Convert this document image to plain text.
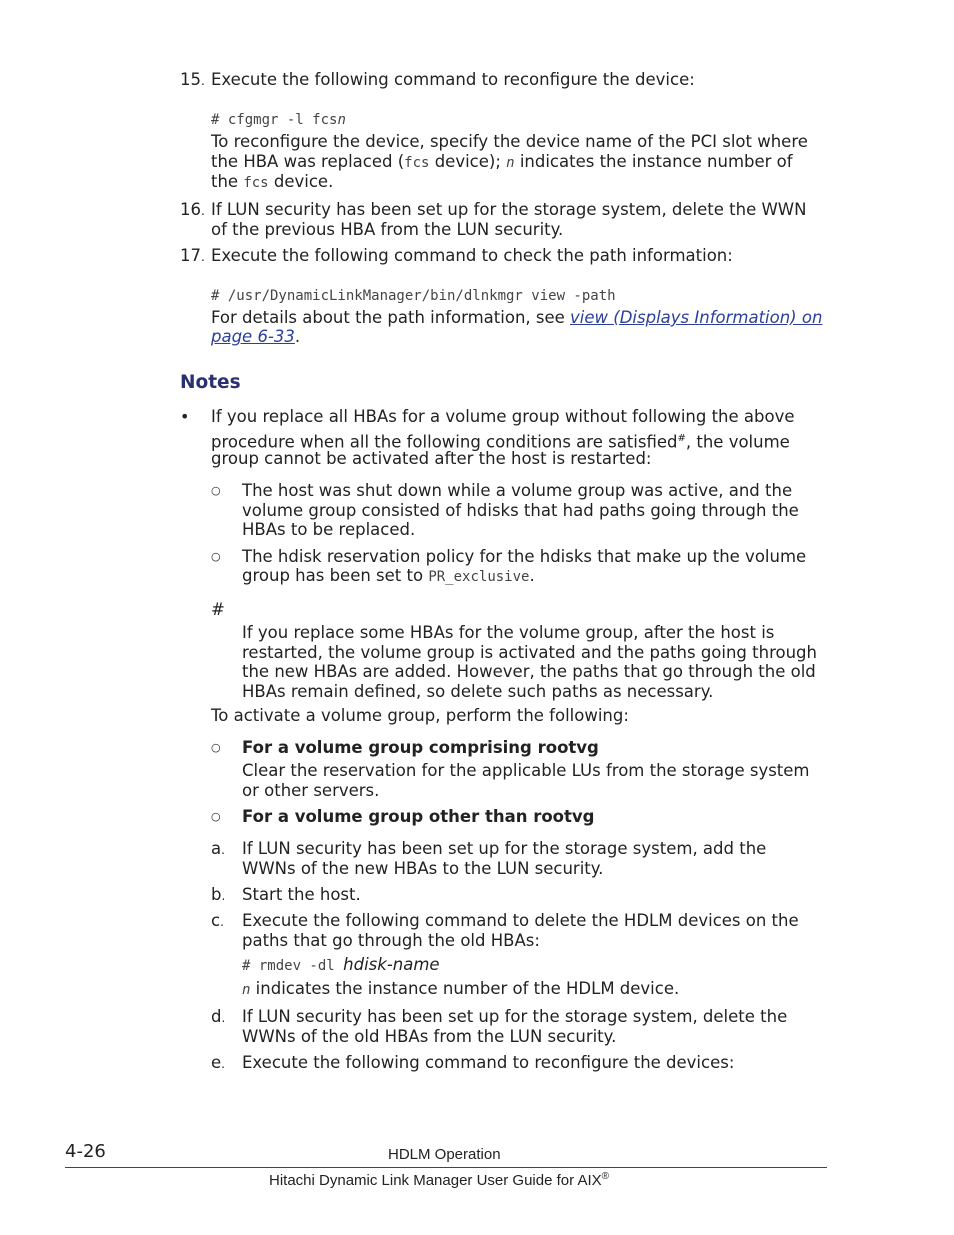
15. Execute the following command to reconfigure the device:
# cfgmgr -l fcsn
To reconfigure the device, specify the device name of the PCI slot where
the HBA was replaced (fcs device); n indicates the instance number of
the fcs device.
16. If LUN security has been set up for the storage system, delete the WWN
of the previous HBA from the LUN security.
17. Execute the following command to check the path information:
# /usr/DynamicLinkManager/bin/dlnkmgr view -path
For details about the path information, see view (Displays Information) on
page 6-33.
Notes
• If you replace all HBAs for a volume group without following the above
procedure when all the following conditions are satisfied#, the volume
group cannot be activated after the host is restarted:
○ The host was shut down while a volume group was active, and the
volume group consisted of hdisks that had paths going through the
HBAs to be replaced.
○ The hdisk reservation policy for the hdisks that make up the volume
group has been set to PR_exclusive.
#
If you replace some HBAs for the volume group, after the host is
restarted, the volume group is activated and the paths going through
the new HBAs are added. However, the paths that go through the old
HBAs remain defined, so delete such paths as necessary.
To activate a volume group, perform the following:
○ For a volume group comprising rootvg
Clear the reservation for the applicable LUs from the storage system
or other servers.
○ For a volume group other than rootvg
a. If LUN security has been set up for the storage system, add the
WWNs of the new HBAs to the LUN security.
b. Start the host.
c. Execute the following command to delete the HDLM devices on the
paths that go through the old HBAs:
# rmdev -dl hdisk-name
n indicates the instance number of the HDLM device.
d. If LUN security has been set up for the storage system, delete the
WWNs of the old HBAs from the LUN security.
e. Execute the following command to reconfigure the devices:
4-26	HDLM Operation
Hitachi Dynamic Link Manager User Guide for AIX®
